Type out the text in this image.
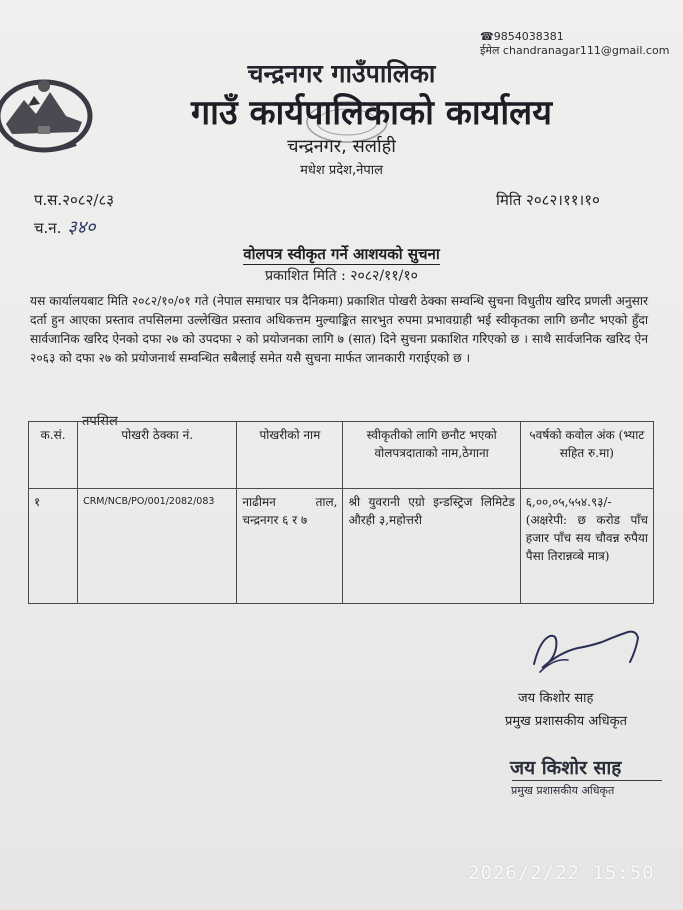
☎9854038381
ईमेल chandranagar111@gmail.com
चन्द्रनगर गाउँपालिका
गाउँ कार्यपालिकाको कार्यालय
चन्द्रनगर, सर्लाही
मधेश प्रदेश,नेपाल
प.स.२०८२/८३
च.न. ३४०
मिति २०८२।११।१०
वोलपत्र स्वीकृत गर्ने आशयको सुचना
प्रकाशित मिति : २०८२/११/१०
यस कार्यालयबाट मिति २०८२/१०/०१ गते (नेपाल समाचार पत्र दैनिकमा) प्रकाशित पोखरी ठेक्का सम्वन्धि सुचना विधुतीय खरिद प्रणली अनुसार दर्ता हुन आएका प्रस्ताव तपसिलमा उल्लेखित प्रस्ताव अधिकत्तम मुल्याङ्कित सारभुत रुपमा प्रभावग्राही भई स्वीकृतका लागि छनौट भएको हुँदा सार्वजानिक खरिद ऐनको दफा २७ को उपदफा २ को प्रयोजनका लागि ७ (सात) दिने सुचना प्रकाशित गरिएको छ । साथै सार्वजनिक खरिद ऐन २०६३ को दफा २७ को प्रयोजनार्थ सम्वन्धित सबैलाई समेत यसै सुचना मार्फत जानकारी गराईएको छ ।
तपसिल
क.सं.	पोखरी ठेक्का नं.	पोखरीको नाम	स्वीकृतीको लागि छनौट भएको वोलपत्रदाताको नाम,ठेगाना	५वर्षको कवोल अंक (भ्याट सहित रु.मा)
१	CRM/NCB/PO/001/2082/083	नाढीमन ताल, चन्द्रनगर ६ र ७	श्री युवरानी एग्रो इन्डस्ट्रिज लिमिटेड औरही ३,महोत्तरी	६,००,०५,५५४.९३/- (अक्षरेपी: छ करोड पाँच हजार पाँच सय चौवन्न रुपैया पैसा तिरान्नव्बे मात्र)
जय किशोर साह
प्रमुख प्रशासकीय अधिकृत
जय किशोर साह
प्रमुख प्रशासकीय अधिकृत
2026/2/22 15:50
